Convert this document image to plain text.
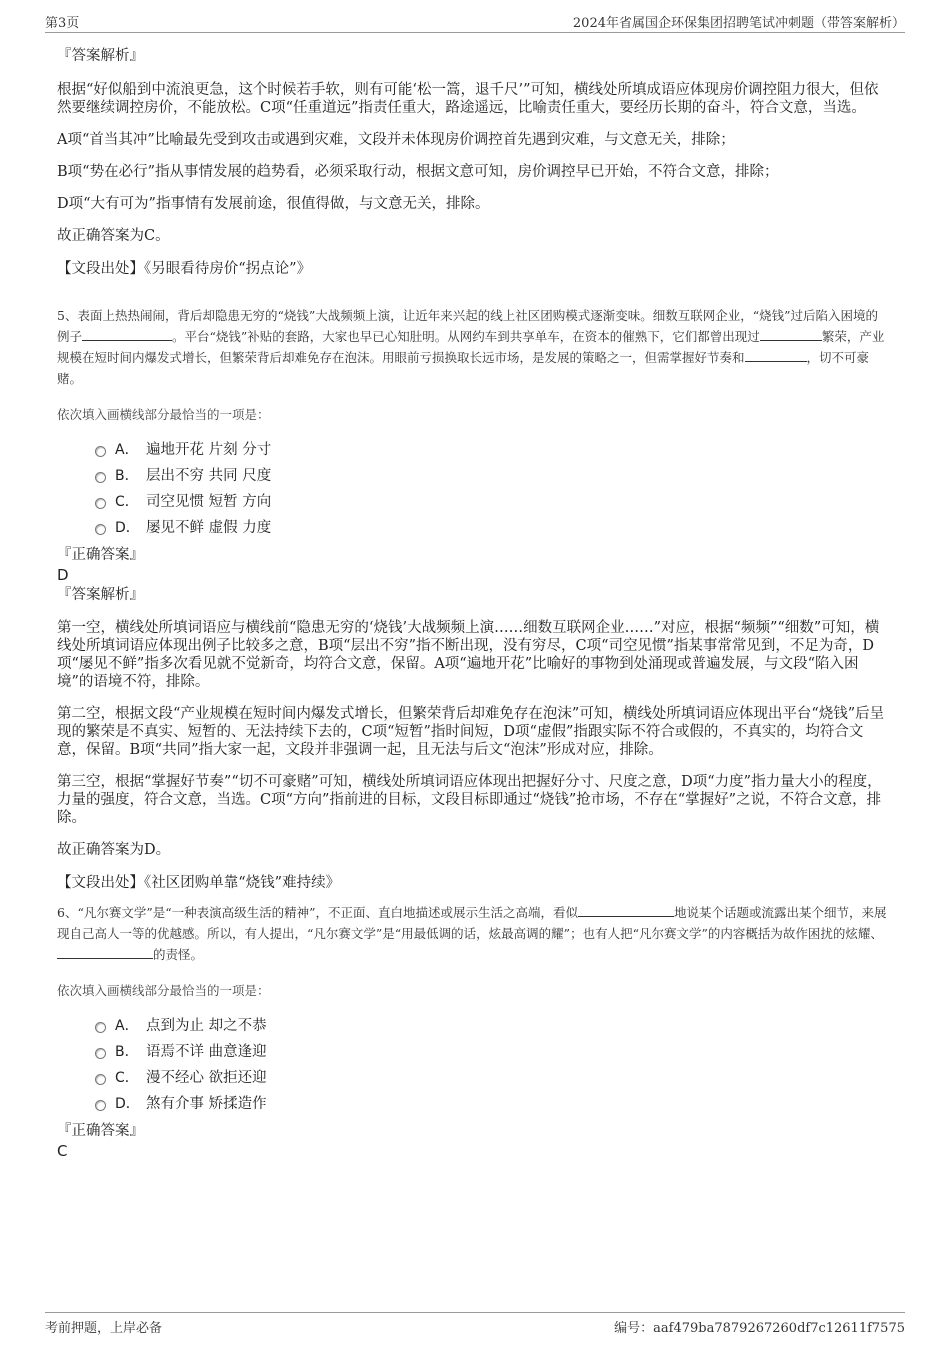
第3页	2024年省属国企环保集团招聘笔试冲刺题（带答案解析）
『答案解析』

根据“好似船到中流浪更急，这个时候若手软，则有可能‘松一篙，退千尺’”可知，横线处所填成语应体现房价调控阻力很大，但依然要继续调控房价，不能放松。C项“任重道远”指责任重大，路途遥远，比喻责任重大，要经历长期的奋斗，符合文意，当选。

A项“首当其冲”比喻最先受到攻击或遇到灾难，文段并未体现房价调控首先遇到灾难，与文意无关，排除；

B项“势在必行”指从事情发展的趋势看，必须采取行动，根据文意可知，房价调控早已开始，不符合文意，排除；

D项“大有可为”指事情有发展前途，很值得做，与文意无关，排除。

故正确答案为C。

【文段出处】《另眼看待房价“拐点论”》

5、表面上热热闹闹，背后却隐患无穷的“烧钱”大战频频上演，让近年来兴起的线上社区团购模式逐渐变味。细数互联网企业，“烧钱”过后陷入困境的例子	。平台“烧钱”补贴的套路，大家也早已心知肚明。从网约车到共享单车，在资本的催熟下，它们都曾出现过	繁荣，产业规模在短时间内爆发式增长，但繁荣背后却难免存在泡沫。用眼前亏损换取长远市场，是发展的策略之一，但需掌握好节奏和	，切不可豪赌。

依次填入画横线部分最恰当的一项是：
A． 遍地开花 片刻 分寸
B． 层出不穷 共同 尺度
C． 司空见惯 短暂 方向
D． 屡见不鲜 虚假 力度
『正确答案』
D
『答案解析』

第一空，横线处所填词语应与横线前“隐患无穷的‘烧钱’大战频频上演……细数互联网企业……”对应，根据“频频”“细数”可知，横线处所填词语应体现出例子比较多之意，B项“层出不穷”指不断出现，没有穷尽，C项“司空见惯”指某事常常见到，不足为奇，D项“屡见不鲜”指多次看见就不觉新奇，均符合文意，保留。A项“遍地开花”比喻好的事物到处涌现或普遍发展，与文段“陷入困境”的语境不符，排除。

第二空，根据文段“产业规模在短时间内爆发式增长，但繁荣背后却难免存在泡沫”可知，横线处所填词语应体现出平台“烧钱”后呈现的繁荣是不真实、短暂的、无法持续下去的，C项“短暂”指时间短，D项“虚假”指跟实际不符合或假的，不真实的，均符合文意，保留。B项“共同”指大家一起，文段并非强调一起，且无法与后文“泡沫”形成对应，排除。

第三空，根据“掌握好节奏”“切不可豪赌”可知，横线处所填词语应体现出把握好分寸、尺度之意，D项“力度”指力量大小的程度，力量的强度，符合文意，当选。C项“方向”指前进的目标，文段目标即通过“烧钱”抢市场，不存在“掌握好”之说，不符合文意，排除。

故正确答案为D。

【文段出处】《社区团购单靠“烧钱”难持续》

6、“凡尔赛文学”是“一种表演高级生活的精神”，不正面、直白地描述或展示生活之高端，看似	地说某个话题或流露出某个细节，来展现自己高人一等的优越感。所以，有人提出，“凡尔赛文学”是“用最低调的话，炫最高调的耀”；也有人把“凡尔赛文学”的内容概括为故作困扰的炫耀、的责怪。

依次填入画横线部分最恰当的一项是：
A． 点到为止 却之不恭
B． 语焉不详 曲意逢迎
C． 漫不经心 欲拒还迎
D． 煞有介事 矫揉造作
『正确答案』
C
考前押题，上岸必备	编号：aaf479ba7879267260df7c12611f7575
